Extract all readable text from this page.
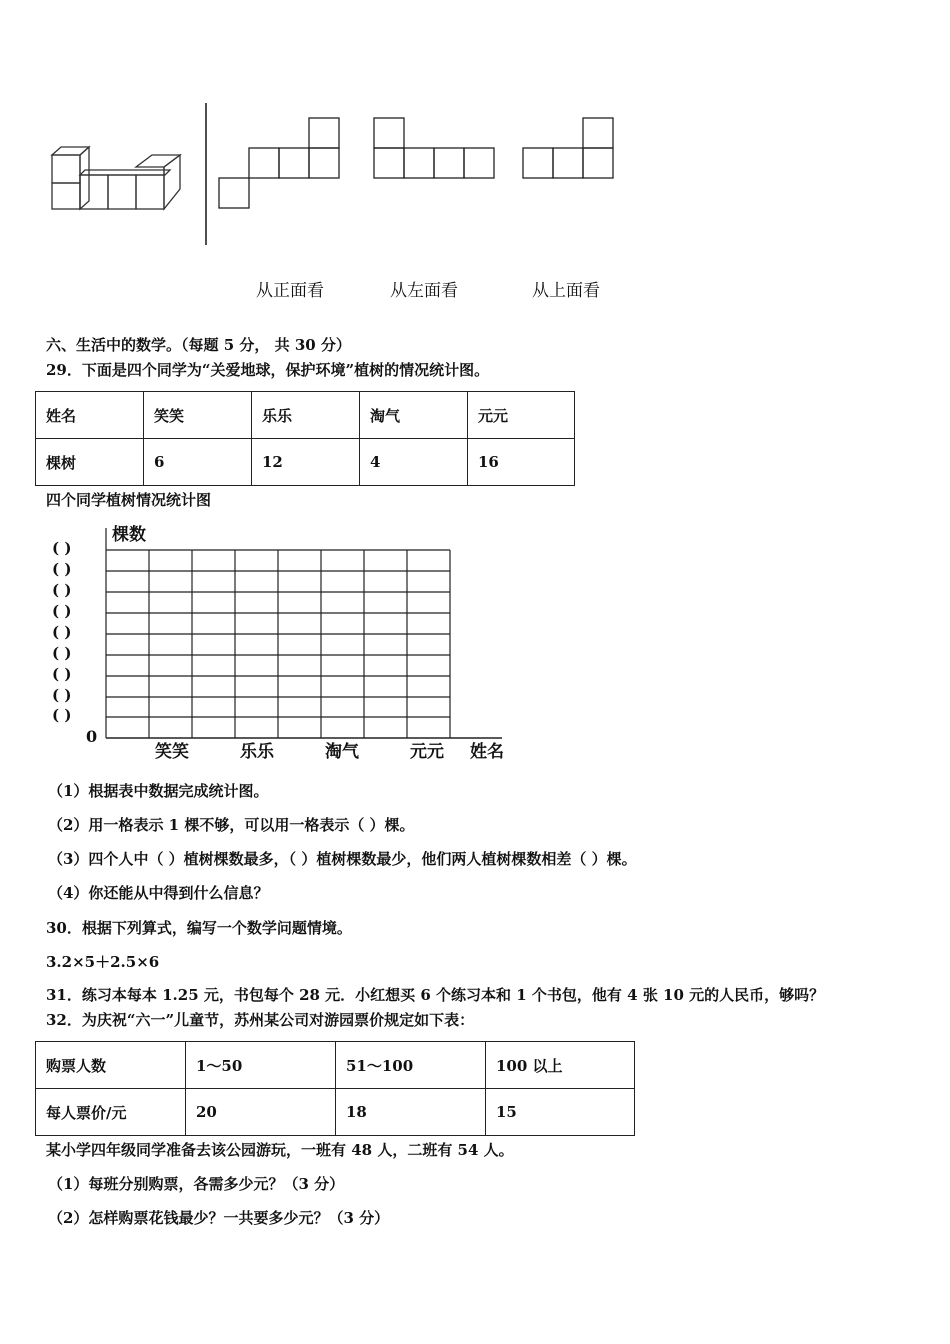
从正面看	从左面看	从上面看
六、生活中的数学。（每题 5 分， 共 30 分）
29．下面是四个同学为“关爱地球，保护环境”植树的情况统计图。
姓名	笑笑	乐乐	淘气	元元
棵树	6	12	4	16
四个同学植树情况统计图
棵数
0
( )
( )
( )
( )
( )
( )
( )
( )
( )
笑笑	乐乐	淘气	元元 姓名
（1）根据表中数据完成统计图。
（2）用一格表示 1 棵不够，可以用一格表示（ ）棵。
（3）四个人中（ ）植树棵数最多，（ ）植树棵数最少，他们两人植树棵数相差（ ）棵。
（4）你还能从中得到什么信息？
30．根据下列算式，编写一个数学问题情境。
3.2×5＋2.5×6
31．练习本每本 1.25 元，书包每个 28 元．小红想买 6 个练习本和 1 个书包，他有 4 张 10 元的人民币，够吗？
32．为庆祝“六一”儿童节，苏州某公司对游园票价规定如下表：
购票人数	1～50	51～100	100 以上
每人票价/元	20	18	15
某小学四年级同学准备去该公园游玩，一班有 48 人，二班有 54 人。
（1）每班分别购票，各需多少元？（3 分）
（2）怎样购票花钱最少？一共要多少元？（3 分）
